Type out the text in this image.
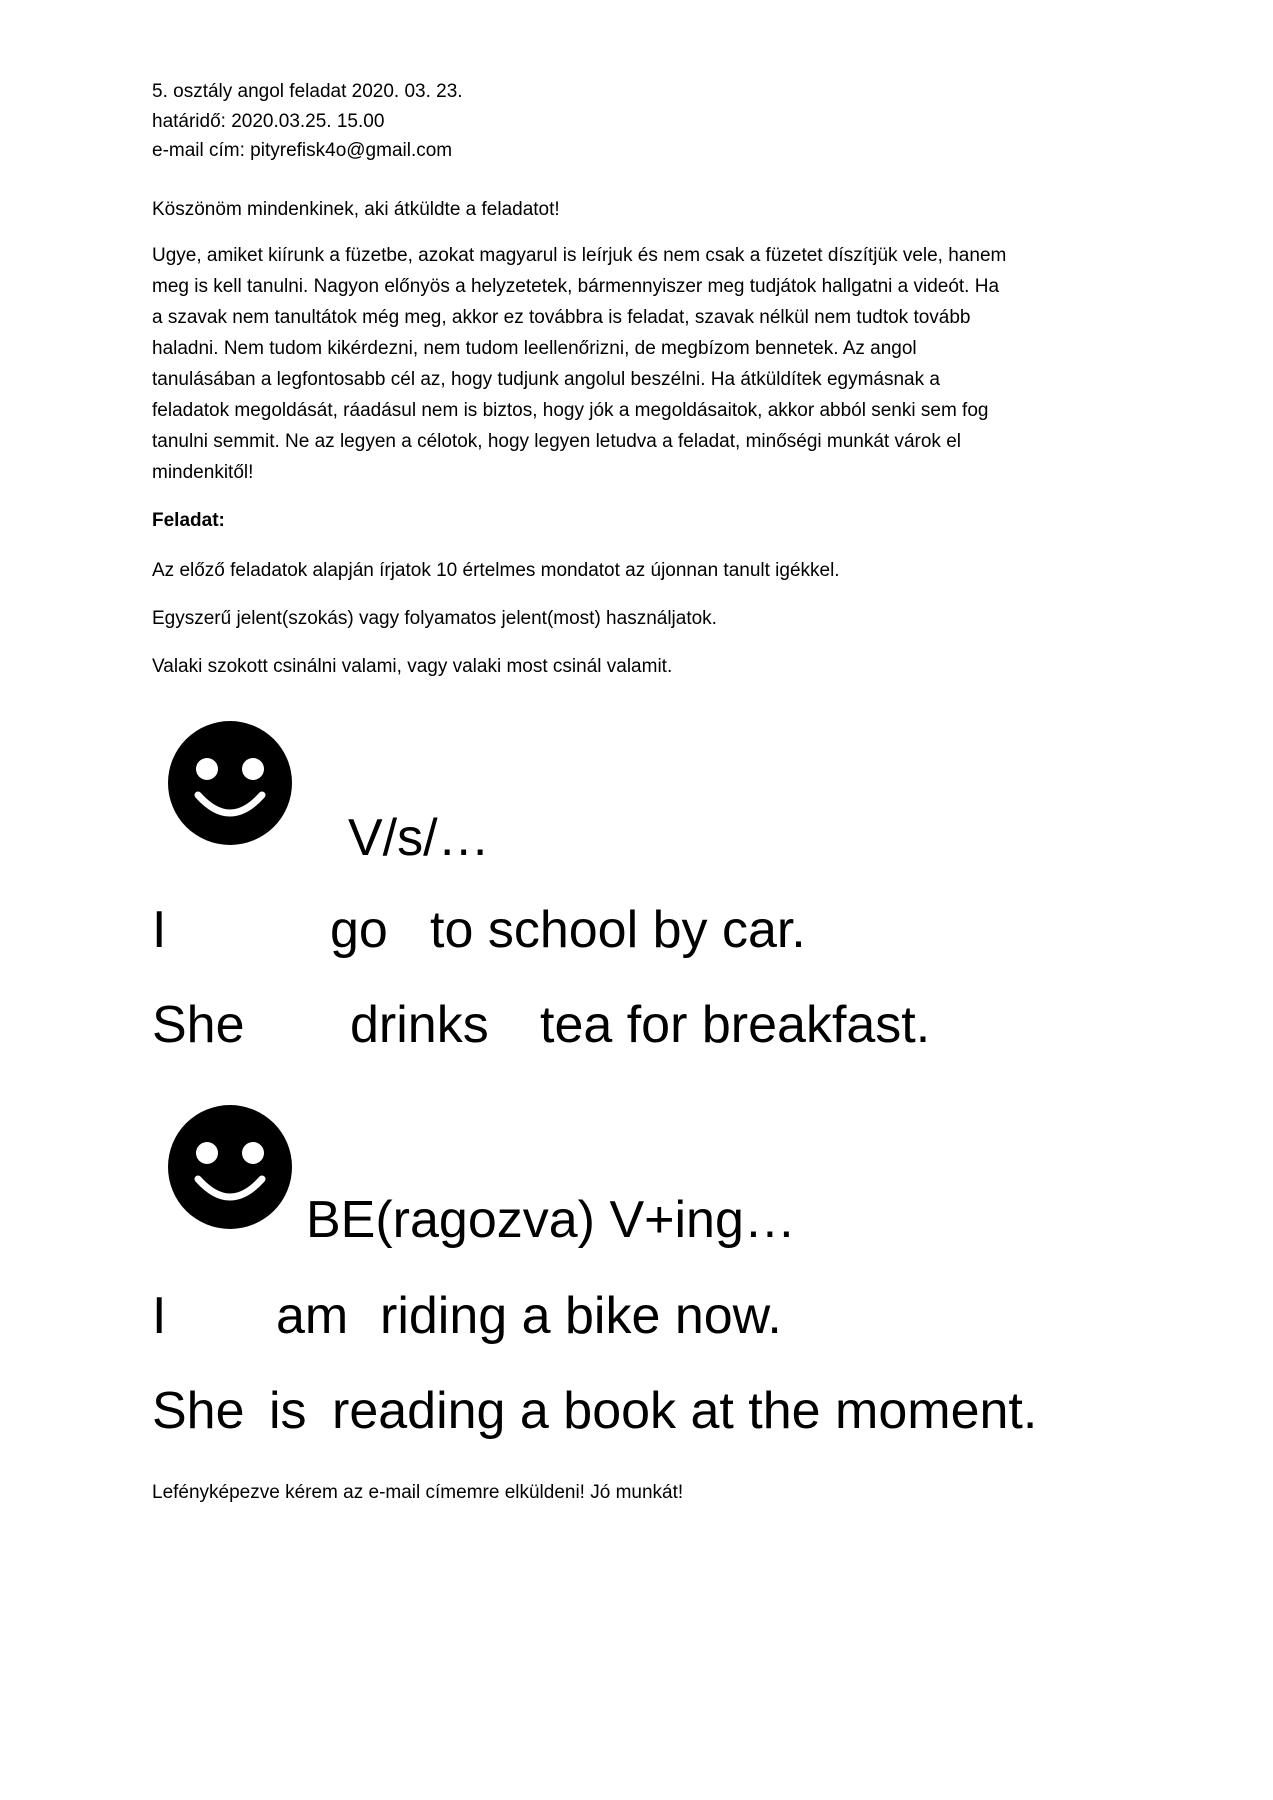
5. osztály angol feladat 2020. 03. 23.
határidő: 2020.03.25. 15.00
e-mail cím: pityrefisk4o@gmail.com
Köszönöm mindenkinek, aki átküldte a feladatot!
Ugye, amiket kiírunk a füzetbe, azokat magyarul is leírjuk és nem csak a füzetet díszítjük vele, hanem
meg is kell tanulni. Nagyon előnyös a helyzetetek, bármennyiszer meg tudjátok hallgatni a videót. Ha
a szavak nem tanultátok még meg, akkor ez továbbra is feladat, szavak nélkül nem tudtok tovább
haladni. Nem tudom kikérdezni, nem tudom leellenőrizni, de megbízom bennetek. Az angol
tanulásában a legfontosabb cél az, hogy tudjunk angolul beszélni. Ha átküldítek egymásnak a
feladatok megoldását, ráadásul nem is biztos, hogy jók a megoldásaitok, akkor abból senki sem fog
tanulni semmit. Ne az legyen a célotok, hogy legyen letudva a feladat, minőségi munkát várok el
mindenkitől!
Feladat:
Az előző feladatok alapján írjatok 10 értelmes mondatot az újonnan tanult igékkel.
Egyszerű jelent(szokás) vagy folyamatos jelent(most) használjatok.
Valaki szokott csinálni valami, vagy valaki most csinál valamit.
V/s/…
I	go to school by car.
She drinks tea for breakfast.
BE(ragozva) V+ing…
I am riding a bike now.
She is reading a book at the moment.
Lefényképezve kérem az e-mail címemre elküldeni! Jó munkát!
